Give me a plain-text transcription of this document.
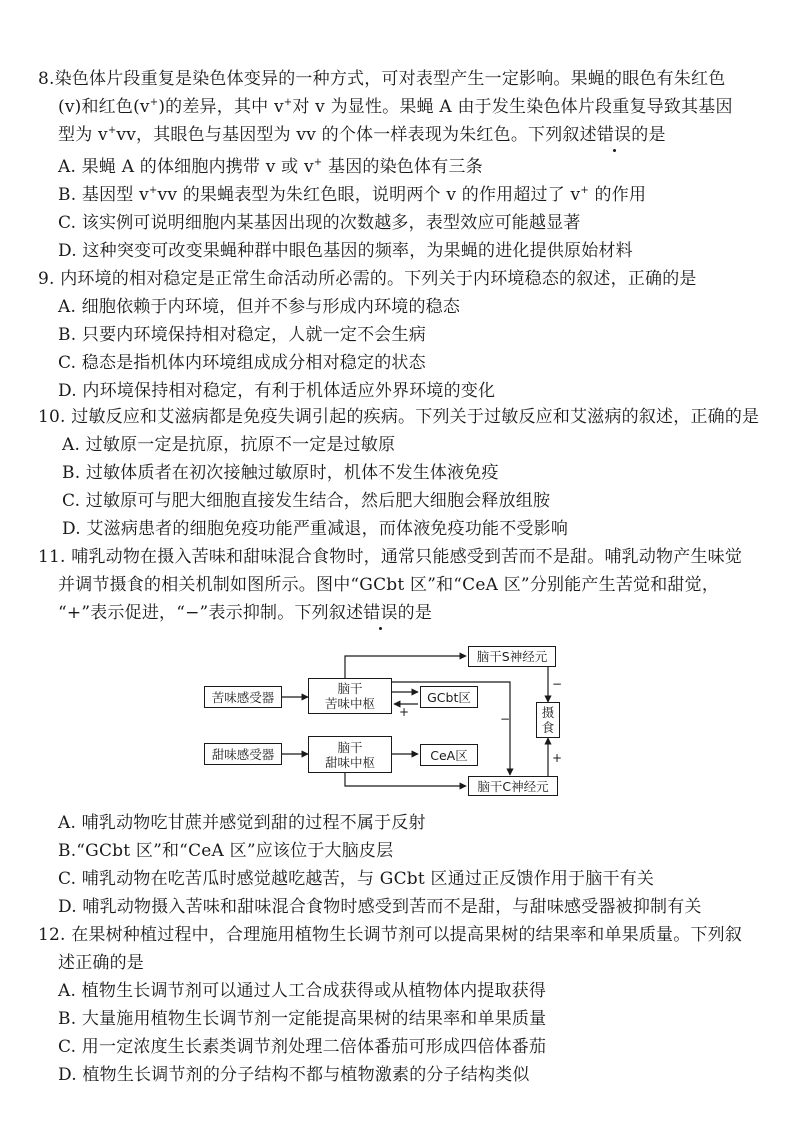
8.染色体片段重复是染色体变异的一种方式，可对表型产生一定影响。果蝇的眼色有朱红色
(v)和红色(v+)的差异，其中 v+对 v 为显性。果蝇 A 由于发生染色体片段重复导致其基因
型为 v+vv，其眼色与基因型为 vv 的个体一样表现为朱红色。下列叙述错误的是
A. 果蝇 A 的体细胞内携带 v 或 v+ 基因的染色体有三条
B. 基因型 v+vv 的果蝇表型为朱红色眼，说明两个 v 的作用超过了 v+ 的作用
C. 该实例可说明细胞内某基因出现的次数越多，表型效应可能越显著
D. 这种突变可改变果蝇种群中眼色基因的频率，为果蝇的进化提供原始材料
9. 内环境的相对稳定是正常生命活动所必需的。下列关于内环境稳态的叙述，正确的是
A. 细胞依赖于内环境，但并不参与形成内环境的稳态
B. 只要内环境保持相对稳定，人就一定不会生病
C. 稳态是指机体内环境组成成分相对稳定的状态
D. 内环境保持相对稳定，有利于机体适应外界环境的变化
10. 过敏反应和艾滋病都是免疫失调引起的疾病。下列关于过敏反应和艾滋病的叙述，正确的是
A. 过敏原一定是抗原，抗原不一定是过敏原
B. 过敏体质者在初次接触过敏原时，机体不发生体液免疫
C. 过敏原可与肥大细胞直接发生结合，然后肥大细胞会释放组胺
D. 艾滋病患者的细胞免疫功能严重减退，而体液免疫功能不受影响
11. 哺乳动物在摄入苦味和甜味混合食物时，通常只能感受到苦而不是甜。哺乳动物产生味觉
并调节摄食的相关机制如图所示。图中“GCbt 区”和“CeA 区”分别能产生苦觉和甜觉，
“+”表示促进，“−”表示抑制。下列叙述错误的是
苦味感受器
甜味感受器
脑干
苦味中枢
脑干
甜味中枢
GCbt区
CeA区
脑干S神经元
脑干C神经元
摄
食
+	−
−
+
A. 哺乳动物吃甘蔗并感觉到甜的过程不属于反射
B.“GCbt 区”和“CeA 区”应该位于大脑皮层
C. 哺乳动物在吃苦瓜时感觉越吃越苦，与 GCbt 区通过正反馈作用于脑干有关
D. 哺乳动物摄入苦味和甜味混合食物时感受到苦而不是甜，与甜味感受器被抑制有关
12. 在果树种植过程中，合理施用植物生长调节剂可以提高果树的结果率和单果质量。下列叙
述正确的是
A. 植物生长调节剂可以通过人工合成获得或从植物体内提取获得
B. 大量施用植物生长调节剂一定能提高果树的结果率和单果质量
C. 用一定浓度生长素类调节剂处理二倍体番茄可形成四倍体番茄
D. 植物生长调节剂的分子结构不都与植物激素的分子结构类似
